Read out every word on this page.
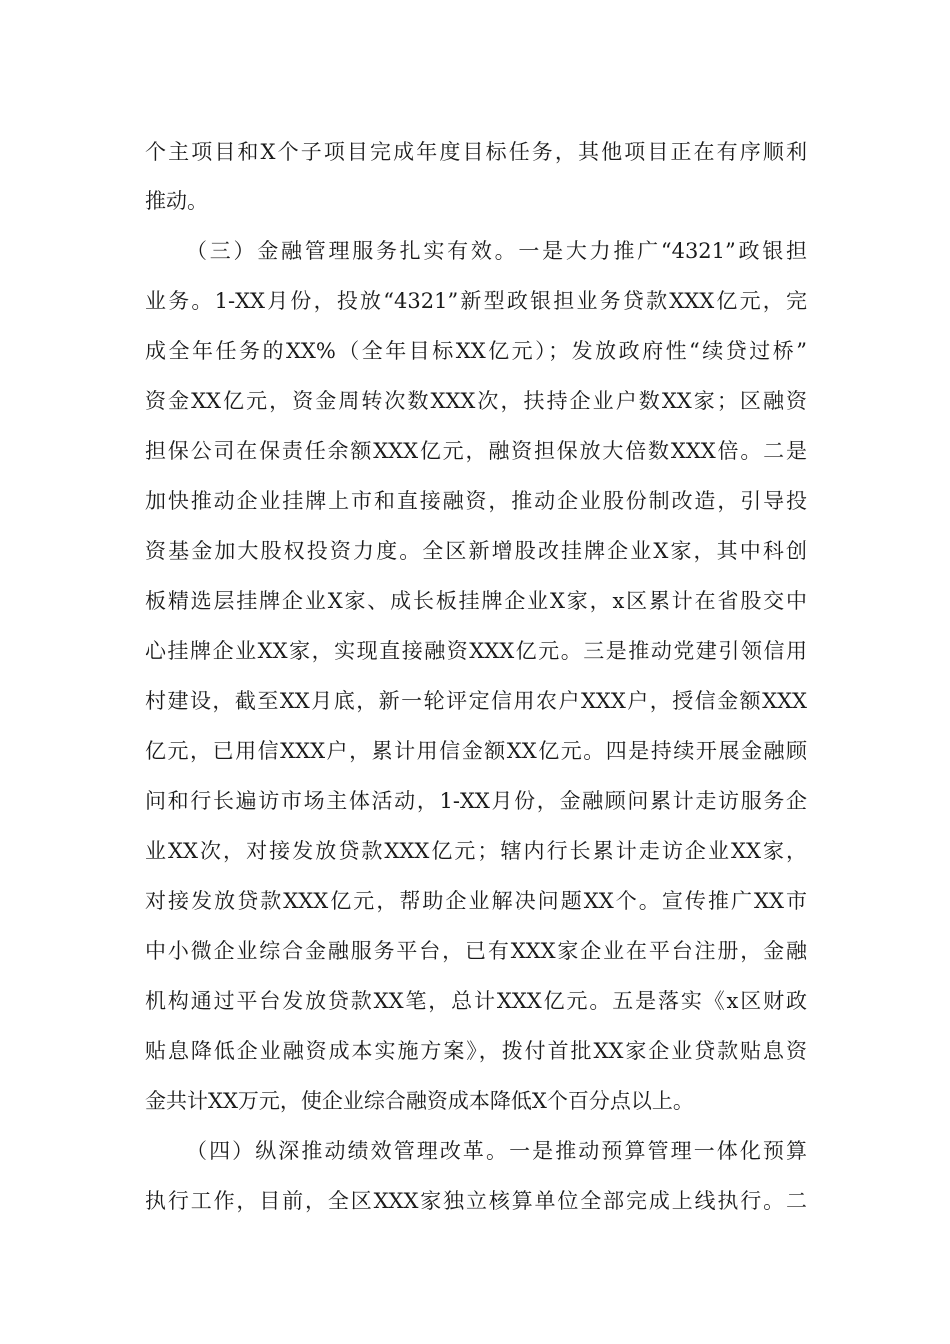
个主项目和X个子项目完成年度目标任务，其他项目正在有序顺利
推动。
（三）金融管理服务扎实有效。一是大力推广“4321”政银担
业务。1-XX月份，投放“4321”新型政银担业务贷款XXX亿元，完
成全年任务的XX%（全年目标XX亿元）；发放政府性“续贷过桥”
资金XX亿元，资金周转次数XXX次，扶持企业户数XX家；区融资
担保公司在保责任余额XXX亿元，融资担保放大倍数XXX倍。二是
加快推动企业挂牌上市和直接融资，推动企业股份制改造，引导投
资基金加大股权投资力度。全区新增股改挂牌企业X家，其中科创
板精选层挂牌企业X家、成长板挂牌企业X家，x区累计在省股交中
心挂牌企业XX家，实现直接融资XXX亿元。三是推动党建引领信用
村建设，截至XX月底，新一轮评定信用农户XXX户，授信金额XXX
亿元，已用信XXX户，累计用信金额XX亿元。四是持续开展金融顾
问和行长遍访市场主体活动，1-XX月份，金融顾问累计走访服务企
业XX次，对接发放贷款XXX亿元；辖内行长累计走访企业XX家，
对接发放贷款XXX亿元，帮助企业解决问题XX个。宣传推广XX市
中小微企业综合金融服务平台，已有XXX家企业在平台注册，金融
机构通过平台发放贷款XX笔，总计XXX亿元。五是落实《x区财政
贴息降低企业融资成本实施方案》，拨付首批XX家企业贷款贴息资
金共计XX万元，使企业综合融资成本降低X个百分点以上。
（四）纵深推动绩效管理改革。一是推动预算管理一体化预算
执行工作，目前，全区XXX家独立核算单位全部完成上线执行。二
